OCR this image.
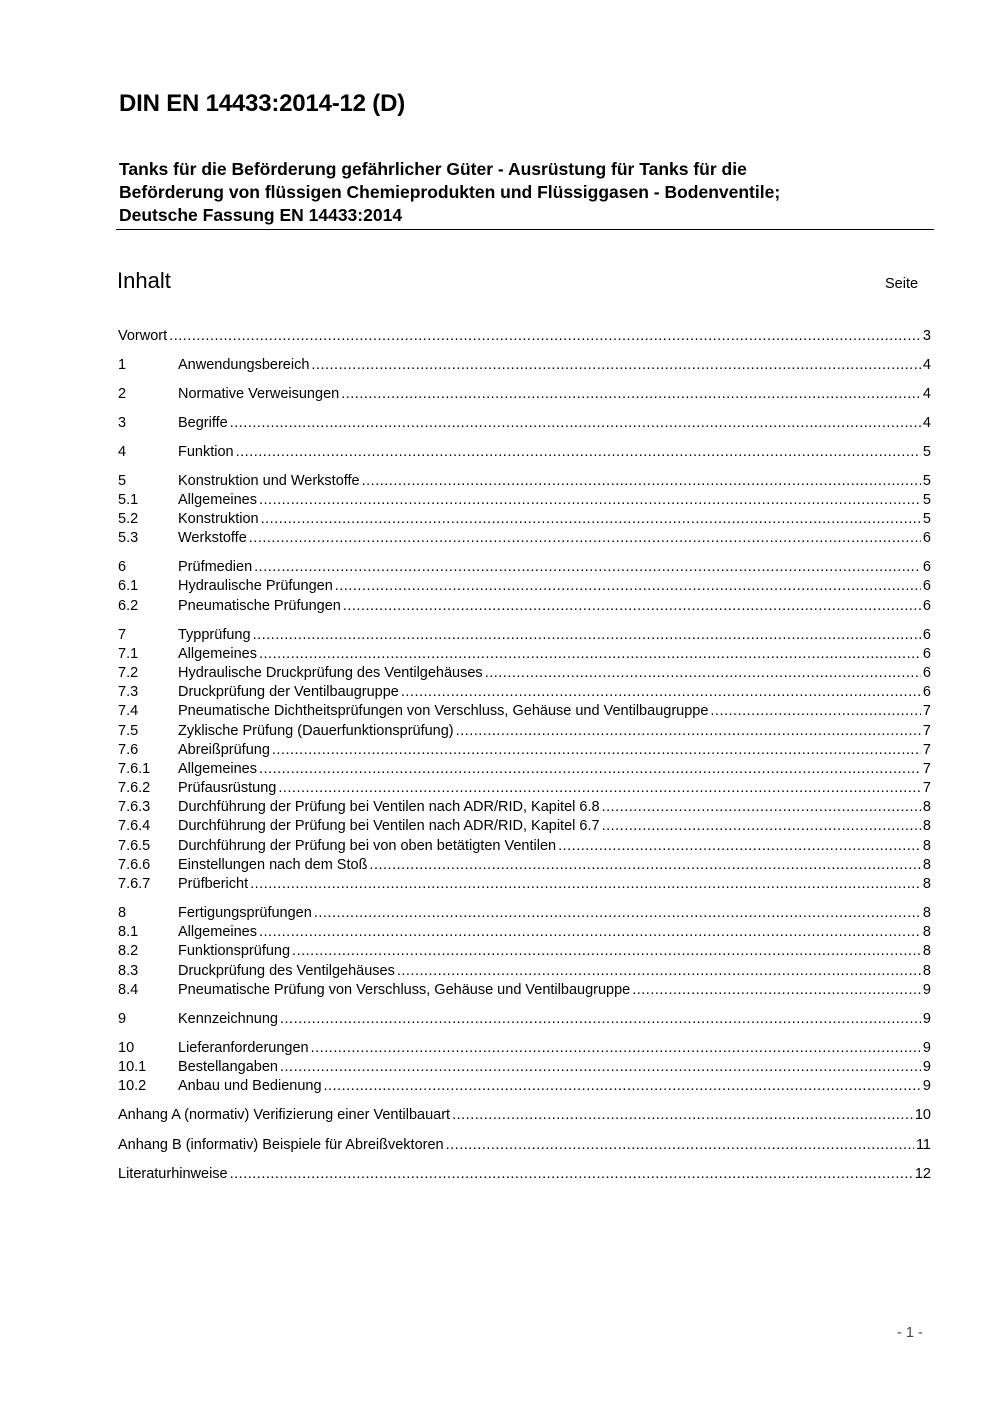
DIN EN 14433:2014-12 (D)
Tanks für die Beförderung gefährlicher Güter - Ausrüstung für Tanks für die
Beförderung von flüssigen Chemieprodukten und Flüssiggasen - Bodenventile;
Deutsche Fassung EN 14433:2014
Inhalt	Seite
Vorwort .....	3
1	Anwendungsbereich .....	4
2	Normative Verweisungen .....	4
3	Begriffe .....	4
4	Funktion .....	5
5	Konstruktion und Werkstoffe .....	5
5.1	Allgemeines .....	5
5.2	Konstruktion .....	5
5.3	Werkstoffe .....	6
6	Prüfmedien .....	6
6.1	Hydraulische Prüfungen .....	6
6.2	Pneumatische Prüfungen .....	6
7	Typprüfung .....	6
7.1	Allgemeines .....	6
7.2	Hydraulische Druckprüfung des Ventilgehäuses .....	6
7.3	Druckprüfung der Ventilbaugruppe .....	6
7.4	Pneumatische Dichtheitsprüfungen von Verschluss, Gehäuse und Ventilbaugruppe .....	7
7.5	Zyklische Prüfung (Dauerfunktionsprüfung) .....	7
7.6	Abreißprüfung .....	7
7.6.1	Allgemeines .....	7
7.6.2	Prüfausrüstung .....	7
7.6.3	Durchführung der Prüfung bei Ventilen nach ADR/RID, Kapitel 6.8 .....	8
7.6.4	Durchführung der Prüfung bei Ventilen nach ADR/RID, Kapitel 6.7 .....	8
7.6.5	Durchführung der Prüfung bei von oben betätigten Ventilen .....	8
7.6.6	Einstellungen nach dem Stoß .....	8
7.6.7	Prüfbericht .....	8
8	Fertigungsprüfungen .....	8
8.1	Allgemeines .....	8
8.2	Funktionsprüfung .....	8
8.3	Druckprüfung des Ventilgehäuses .....	8
8.4	Pneumatische Prüfung von Verschluss, Gehäuse und Ventilbaugruppe .....	9
9	Kennzeichnung .....	9
10	Lieferanforderungen .....	9
10.1	Bestellangaben .....	9
10.2	Anbau und Bedienung .....	9
Anhang A (normativ) Verifizierung einer Ventilbauart .....	10
Anhang B (informativ) Beispiele für Abreißvektoren .....	11
Literaturhinweise .....	12
- 1 -
